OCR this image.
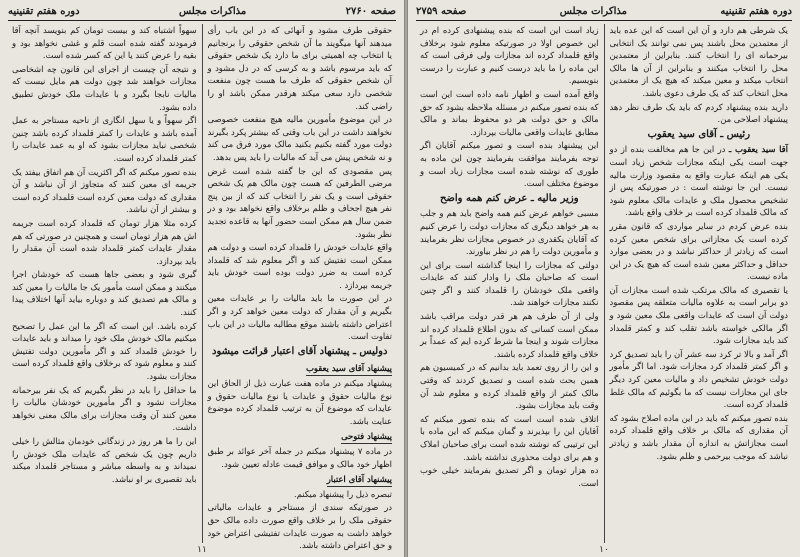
صفحه ۲۷۶۰
مذاکرات مجلس
دوره هفتم تقنینیه

حقوقی طرف مشود و آنهائی که در این باب رأی میدهند آنها میگویند ما آن شخص حقوقی را برنجانیم یا انتخاب چه اهمیتی برای ما دارد یک شخص حقوقی که باید مرسوم باشد و به کرسی که در دل مشود و آن شخص حقوقی که طرف ما هست چون منفعت شخصی دارد سعی میکند هرقدر ممکن باشد او را راضی کند.

در این موضوع مأمورین مالیه هیچ منفعت خصوصی نخواهند داشت در این باب وقتی که بیشتر پکرد بگیرند دولت مورد گفته بکنیم بکنید مالک مورد فرق می کند و نه شخص پیش می آید که مالیات را باید پس بدهد.

پس مقصودی که این جا گفته شده است غرض مرضی الطرفین که هست چون مالک هم یک شخص حقوقی است و یک نفر را انتخاب کند که از بین پنج نفر هیچ اجحاف و ظلم برخلاف واقع نخواهد بود و در ضمن سال هم ممکن است حضور آنها به قاعده تجدید نظر بشود.

واقع عایدات خودش را قلمداد کرده است و دولت هم ممکن است تفتیش کند و اگر معلوم شد که قلمداد کرده است به ضرر دولت بوده است خودش باید جریمه بپردازد .

در این صورت ما باید مالیات را بر عایدات معین بگیریم و آن مقدار که دولت معین خواهد کرد و اگر اعتراض داشته باشند موقع مطالبه مالیات در این باب تفاوت است.

دولیس ـ پیشنهاد آقای اعتبار قرائت میشود
پیشنهاد آقای سید یعقوب

پیشنهاد میکنم در ماده هفت عبارت ذیل از الحاق این نوع مالیات حقوق و عایدات یا نوع مالیات حقوق و عایدات که موضوع آن به ترتیب قلمداد کرده موضوع عنایت باشد.

پیشنهاد فتوحی

در ماده ۷ پیشنهاد میکنم در جمله آخر عوائد بر طبق اظهار خود مالک و موافق قیمت عادله تعیین شود.

پیشنهاد آقای اعتبار

تبصره ذیل را پیشنهاد میکنم.

در صورتیکه سندی از مستاجر و عایدات مالیاتی حقوقی ملک را بر خلاف واقع صورت داده مالک حق خواهد داشت به صورت عایدات تفتیشی اعتراض خود و حق اعتراض داشته باشد.

سهواً اشتباه کند و بیست تومان کم بنویسد آنچه آقا فرمودند گفته شده است قلم و غشی نخواهد بود و بقیه را عرض کنند یا این که کسر شده است.

و نتیجه آن چیست از اجرای این قانون چه اشخاصی مجازات خواهند شد چون دولت هم مایل نیست که مالیات نابجا بگیرد و با عایدات ملک خودش تطبیق داده بشود.

اگر سهواً و یا سهل انگاری از ناحیه مستاجر به عمل آمده باشد و عایدات را کمتر قلمداد کرده باشد چنین شخصی نباید مجازات بشود که او به عمد عایدات را کمتر قلمداد کرده است.

بنده تصور میکنم که اگر اکثریت آن هم اتفاق بیفتد یک جریمه ای معین کنند که متجاوز از آن نباشد و آن مقداری که دولت معین کرده است قلمداد کرده است و بیشتر از آن نباشد.

کرده مثلا هزار تومان که قلمداد کرده است جریمه اش هم هزار تومان است و همچنین در صورتی که هم مقدار عایدات کمتر قلمداد شده است آن مقدار را باید بپردازد.

گیری شود و بعضی جاها هست که خودشان اجرا میکنند و ممکن است مأمور یک جا مالیات را معین کند و مالک هم تصدیق کند و دوباره بیاید آنها اختلاف پیدا کنند.

کرده باشد. این است که اگر ما این عمل را تصحیح میکنیم مالک خودش ملک خود را میداند و باید عایدات را خودش قلمداد کند و اگر مأمورین دولت تفتیش کنند و معلوم شود که برخلاف واقع قلمداد کرده است مجازات بشود.

ما حداقل را باید در نظر بگیریم که یک نفر بیرحمانه مجازات نشود و اگر مأمورین خودشان مالیات را معین کنند آن وقت مجازات برای مالک معنی نخواهد داشت.

این را ما هر روز در زندگانی خودمان مثالش را خیلی داریم چون یک شخص که عایدات ملک خودش را نمیداند و به واسطه مباشر و مستاجر قلمداد میکند باید تقصیری بر او نباشد.

۱۱
دوره هفتم تقنینیه
مذاکرات مجلس
صفحه ۲۷۵۹

یک شرطی هم دارد و آن این است که این عده باید از معتمدین محل باشند پس نمی توانند یک انتخابی بیرحمانه ای را انتخاب کنند. بنابراین از معتمدین محل را انتخاب میکنند و بنابراین از آن ها مالک انتخاب میکند و معین میکند که هیچ یک از معتمدین محل انتخاب کند که یک طرف دعوی باشد.

دارید بنده پیشنهاد کردم که باید یک طرف نظر دهد پیشنهاد اصلاحی من.

رئیس ـ آقای سید یعقوب

آقا سید یعقوب ـ در این جا هم مخالفت بنده از دو جهت است یکی اینکه مجازات شخص زیاد است یکی هم اینکه عبارت واقع به مقصود وزارت مالیه نیست. این جا نوشته است : در صورتیکه پس از تشخیص محصول ملک و عایدات مالک معلوم شود که مالک قلمداد کرده است بر خلاف واقع باشد.

بنده عرض کردم در سایر مواردی که قانون مقرر کرده است یک مجازاتی برای شخص معین کرده است که زیادتر از حداکثر نباشد و در بعضی موارد حداقل و حداکثر معین شده است که هیچ یک در این ماده نیست.

یا تقصیری که مالک مرتکب شده است مجازات آن دو برابر است به علاوه مالیات متعلقه پس مقصود دولت آن است که عایدات واقعی ملک معین شود و اگر مالکی خواسته باشد تقلب کند و کمتر قلمداد کند باید مجازات شود.

اگر آمد و بالا تر کرد سه عشر آن را باید تصدیق کرد و اگر کمتر قلمداد کرد مجازات شود. اما اگر مأمور دولت خودش تشخیص داد و مالیات معین کرد دیگر جای این مجازات نیست که ما بگوئیم که مالک غلط قلمداد کرده است.

بنده تصور میکنم که باید در این ماده اصلاح بشود که آن مقداری که مالک بر خلاف واقع قلمداد کرده است مجازاتش به اندازه آن مقدار باشد و زیادتر نباشد که موجب بیرحمی و ظلم بشود.

زیاد است این است که بنده پیشنهادی کرده ام در این خصوص اولا در صورتیکه معلوم شود برخلاف واقع قلمداد کرده اند مجازات ولی فرقی است که این ماده را ما باید درست کنیم و عبارت را درست بنویسیم.

واقع آمده است و اظهار نامه داده است این است که بنده تصور میکنم در مسئله ملاحظه بشود که حق مالک و حق دولت هر دو محفوظ بماند و مالک مطابق عایدات واقعی مالیات بپردازد.

این پیشنهاد بنده است و تصور میکنم آقایان اگر توجه بفرمایند موافقت بفرمایند چون این ماده به طوری که نوشته شده است مجازات زیاد است و موضوع مختلف است.

وزیر مالیه ـ عرض کنم همه واضح

مسبی خواهم عرض کنم همه واضح باید هم و جلب به هر خواهد دیگری که مجازات دولت را عرض کنیم که آقایان یکقدری در خصوص مجازات نظر بفرمایند و مأمورین دولت را هم در نظر بیاورند.

دولتی که مجازات را اینجا گذاشته است برای این است که صاحبان ملک را وادار کنند که عایدات واقعی ملک خودشان را قلمداد کنند و اگر چنین نکنند مجازات خواهند شد.

ولی از آن طرف هم هر قدر دولت مراقب باشد ممکن است کسانی که بدون اطلاع قلمداد کرده اند مجازات شوند و اینجا ما شرط کرده ایم که عمداً بر خلاف واقع قلمداد کرده باشند.

و این را از روی تعمد باید بدانیم که در کمیسیون هم همین بحث شده است و تصدیق کردند که وقتی مالک کمتر از واقع قلمداد کرده و معلوم شد آن وقت باید مجازات بشود.

اتلاف شده است است که بنده تصور میکنم که آقایان این را بپذیرند و گمان میکنم که این ماده با این ترتیبی که نوشته شده است برای صاحبان املاک و هم برای دولت محذوری نداشته باشد.

ده هزار تومان و اگر تصدیق بفرمایند خیلی خوب است.

۱۰
